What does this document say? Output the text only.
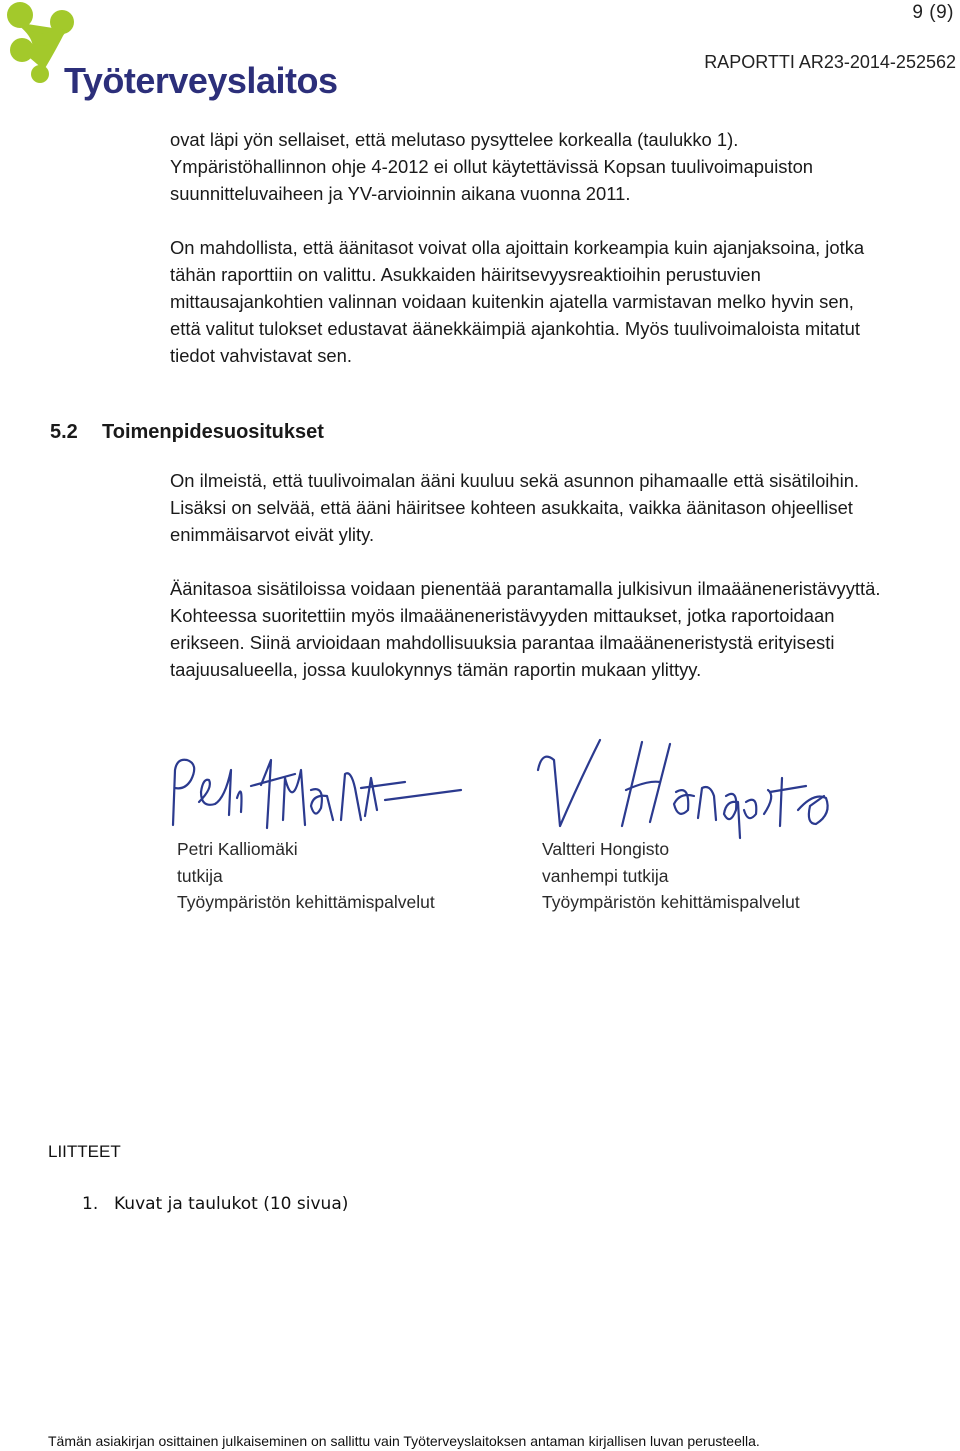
Työterveyslaitos
9 (9)
RAPORTTI AR23-2014-252562

ovat läpi yön sellaiset, että melutaso pysyttelee korkealla (taulukko 1).

Ympäristöhallinnon ohje 4-2012 ei ollut käytettävissä Kopsan tuulivoimapuiston

suunnitteluvaiheen ja YV-arvioinnin aikana vuonna 2011.

On mahdollista, että äänitasot voivat olla ajoittain korkeampia kuin ajanjaksoina, jotka

tähän raporttiin on valittu. Asukkaiden häiritsevyysreaktioihin perustuvien

mittausajankohtien valinnan voidaan kuitenkin ajatella varmistavan melko hyvin sen,

että valitut tulokset edustavat äänekkäimpiä ajankohtia. Myös tuulivoimaloista mitatut

tiedot vahvistavat sen.

5.2 Toimenpidesuositukset

On ilmeistä, että tuulivoimalan ääni kuuluu sekä asunnon pihamaalle että sisätiloihin.

Lisäksi on selvää, että ääni häiritsee kohteen asukkaita, vaikka äänitason ohjeelliset

enimmäisarvot eivät ylity.

Äänitasoa sisätiloissa voidaan pienentää parantamalla julkisivun ilmaääneneristävyyttä.

Kohteessa suoritettiin myös ilmaääneneristävyyden mittaukset, jotka raportoidaan

erikseen. Siinä arvioidaan mahdollisuuksia parantaa ilmaääneneristystä erityisesti

taajuusalueella, jossa kuulokynnys tämän raportin mukaan ylittyy.

Petri Kalliomäki
tutkija
Työympäristön kehittämispalvelut
Valtteri Hongisto
vanhempi tutkija
Työympäristön kehittämispalvelut
LIITTEET
1. Kuvat ja taulukot (10 sivua)
Tämän asiakirjan osittainen julkaiseminen on sallittu vain Työterveyslaitoksen antaman kirjallisen luvan perusteella.
